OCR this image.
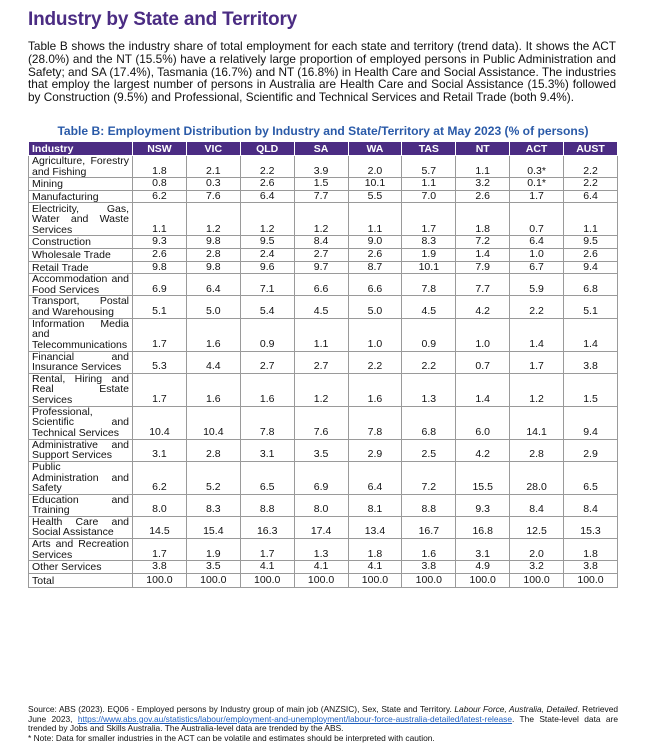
Industry by State and Territory
Table B shows the industry share of total employment for each state and territory (trend data). It shows the ACT (28.0%) and the NT (15.5%) have a relatively large proportion of employed persons in Public Administration and Safety; and SA (17.4%), Tasmania (16.7%) and NT (16.8%) in Health Care and Social Assistance. The industries that employ the largest number of persons in Australia are Health Care and Social Assistance (15.3%) followed by Construction (9.5%) and Professional, Scientific and Technical Services and Retail Trade (both 9.4%).
Table B: Employment Distribution by Industry and State/Territory at May 2023 (% of persons)
Industry	NSW	VIC	QLD	SA	WA	TAS	NT	ACT	AUST
Agriculture, Forestry and Fishing	1.8	2.1	2.2	3.9	2.0	5.7	1.1	0.3*	2.2
Mining	0.8	0.3	2.6	1.5	10.1	1.1	3.2	0.1*	2.2
Manufacturing	6.2	7.6	6.4	7.7	5.5	7.0	2.6	1.7	6.4
Electricity, Gas, Water and Waste Services	1.1	1.2	1.2	1.2	1.1	1.7	1.8	0.7	1.1
Construction	9.3	9.8	9.5	8.4	9.0	8.3	7.2	6.4	9.5
Wholesale Trade	2.6	2.8	2.4	2.7	2.6	1.9	1.4	1.0	2.6
Retail Trade	9.8	9.8	9.6	9.7	8.7	10.1	7.9	6.7	9.4
Accommodation and Food Services	6.9	6.4	7.1	6.6	6.6	7.8	7.7	5.9	6.8
Transport, Postal and Warehousing	5.1	5.0	5.4	4.5	5.0	4.5	4.2	2.2	5.1
Information Media and Telecommunications	1.7	1.6	0.9	1.1	1.0	0.9	1.0	1.4	1.4
Financial and Insurance Services	5.3	4.4	2.7	2.7	2.2	2.2	0.7	1.7	3.8
Rental, Hiring and Real Estate Services	1.7	1.6	1.6	1.2	1.6	1.3	1.4	1.2	1.5
Professional, Scientific and Technical Services	10.4	10.4	7.8	7.6	7.8	6.8	6.0	14.1	9.4
Administrative and Support Services	3.1	2.8	3.1	3.5	2.9	2.5	4.2	2.8	2.9
Public Administration and Safety	6.2	5.2	6.5	6.9	6.4	7.2	15.5	28.0	6.5
Education and Training	8.0	8.3	8.8	8.0	8.1	8.8	9.3	8.4	8.4
Health Care and Social Assistance	14.5	15.4	16.3	17.4	13.4	16.7	16.8	12.5	15.3
Arts and Recreation Services	1.7	1.9	1.7	1.3	1.8	1.6	3.1	2.0	1.8
Other Services	3.8	3.5	4.1	4.1	4.1	3.8	4.9	3.2	3.8
Total	100.0	100.0	100.0	100.0	100.0	100.0	100.0	100.0	100.0
Source: ABS (2023). EQ06 - Employed persons by Industry group of main job (ANZSIC), Sex, State and Territory. Labour Force, Australia, Detailed. Retrieved June 2023, https://www.abs.gov.au/statistics/labour/employment-and-unemployment/labour-force-australia-detailed/latest-release. The State-level data are trended by Jobs and Skills Australia. The Australia-level data are trended by the ABS.
* Note: Data for smaller industries in the ACT can be volatile and estimates should be interpreted with caution.
